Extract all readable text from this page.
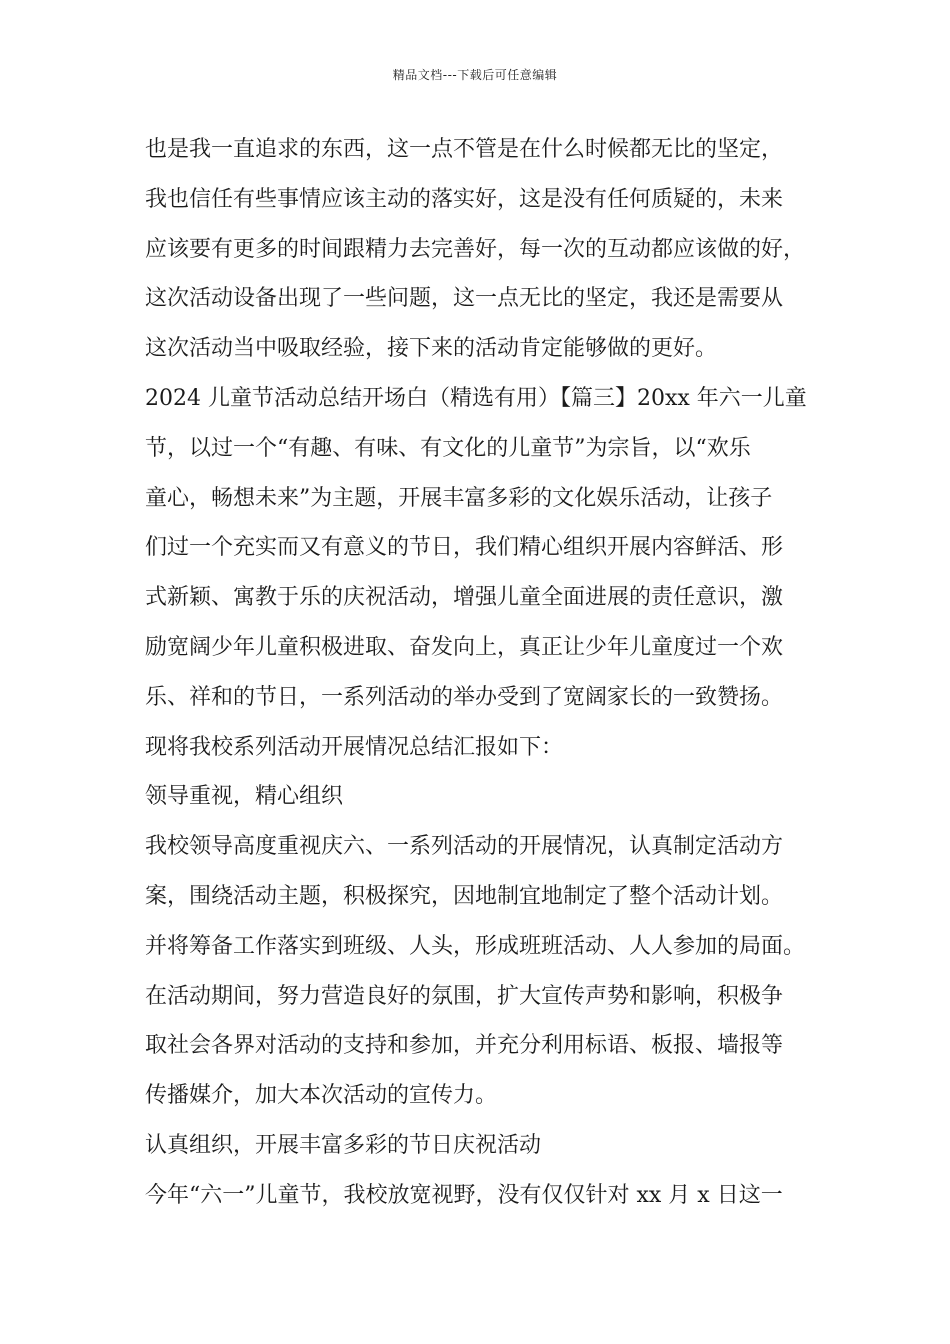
精品文档---下载后可任意编辑
也是我一直追求的东西，这一点不管是在什么时候都无比的坚定，
我也信任有些事情应该主动的落实好，这是没有任何质疑的，未来
应该要有更多的时间跟精力去完善好，每一次的互动都应该做的好，
这次活动设备出现了一些问题，这一点无比的坚定，我还是需要从
这次活动当中吸取经验，接下来的活动肯定能够做的更好。
2024 儿童节活动总结开场白（精选有用）【篇三】20xx 年六一儿童
节，以过一个“有趣、有味、有文化的儿童节”为宗旨，以“欢乐
童心，畅想未来”为主题，开展丰富多彩的文化娱乐活动，让孩子
们过一个充实而又有意义的节日，我们精心组织开展内容鲜活、形
式新颖、寓教于乐的庆祝活动，增强儿童全面进展的责任意识，激
励宽阔少年儿童积极进取、奋发向上，真正让少年儿童度过一个欢
乐、祥和的节日，一系列活动的举办受到了宽阔家长的一致赞扬。
现将我校系列活动开展情况总结汇报如下：
领导重视，精心组织
我校领导高度重视庆六、一系列活动的开展情况，认真制定活动方
案，围绕活动主题，积极探究，因地制宜地制定了整个活动计划。
并将筹备工作落实到班级、人头，形成班班活动、人人参加的局面。
在活动期间，努力营造良好的氛围，扩大宣传声势和影响，积极争
取社会各界对活动的支持和参加，并充分利用标语、板报、墙报等
传播媒介，加大本次活动的宣传力。
认真组织，开展丰富多彩的节日庆祝活动
今年“六一”儿童节，我校放宽视野，没有仅仅针对 xx 月 x 日这一
